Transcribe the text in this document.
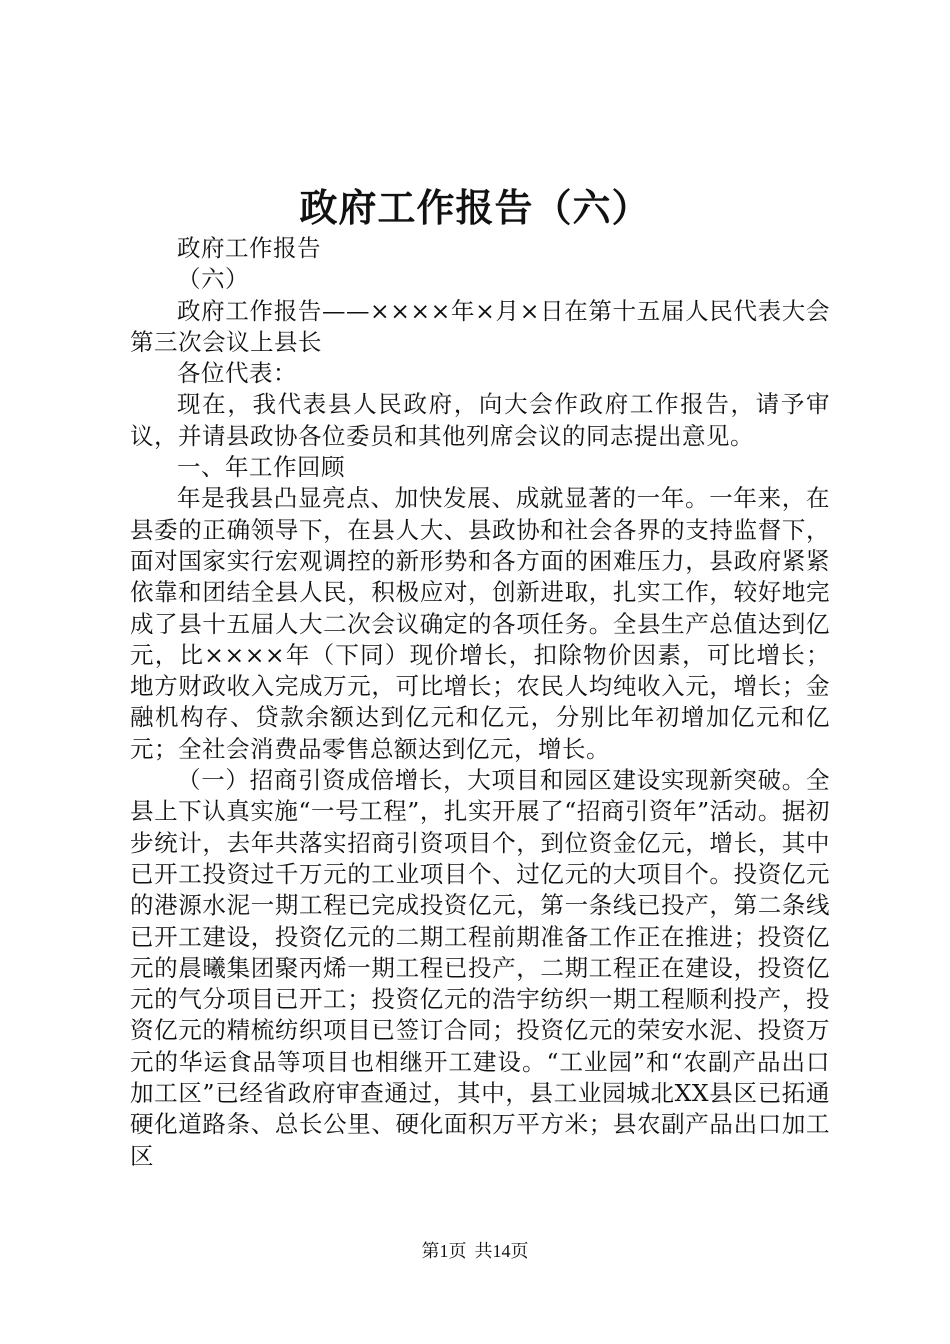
政府工作报告（六）

政府工作报告

（六）

政府工作报告——××××年×月×日在第十五届人民代表大会第三次会议上县长

各位代表：

现在，我代表县人民政府，向大会作政府工作报告，请予审议，并请县政协各位委员和其他列席会议的同志提出意见。

一、年工作回顾

年是我县凸显亮点、加快发展、成就显著的一年。一年来，在县委的正确领导下，在县人大、县政协和社会各界的支持监督下，面对国家实行宏观调控的新形势和各方面的困难压力，县政府紧紧依靠和团结全县人民，积极应对，创新进取，扎实工作，较好地完成了县十五届人大二次会议确定的各项任务。全县生产总值达到亿元，比××××年（下同）现价增长，扣除物价因素，可比增长；地方财政收入完成万元，可比增长；农民人均纯收入元，增长；金融机构存、贷款余额达到亿元和亿元，分别比年初增加亿元和亿元；全社会消费品零售总额达到亿元，增长。

（一）招商引资成倍增长，大项目和园区建设实现新突破。全县上下认真实施“一号工程”，扎实开展了“招商引资年”活动。据初步统计，去年共落实招商引资项目个，到位资金亿元，增长，其中已开工投资过千万元的工业项目个、过亿元的大项目个。投资亿元的港源水泥一期工程已完成投资亿元，第一条线已投产，第二条线已开工建设，投资亿元的二期工程前期准备工作正在推进；投资亿元的晨曦集团聚丙烯一期工程已投产，二期工程正在建设，投资亿元的气分项目已开工；投资亿元的浩宇纺织一期工程顺利投产，投资亿元的精梳纺织项目已签订合同；投资亿元的荣安水泥、投资万元的华运食品等项目也相继开工建设。“工业园”和“农副产品出口加工区”已经省政府审查通过，其中，县工业园城北XX县区已拓通硬化道路条、总长公里、硬化面积万平方米；县农副产品出口加工区

第1页 共14页
